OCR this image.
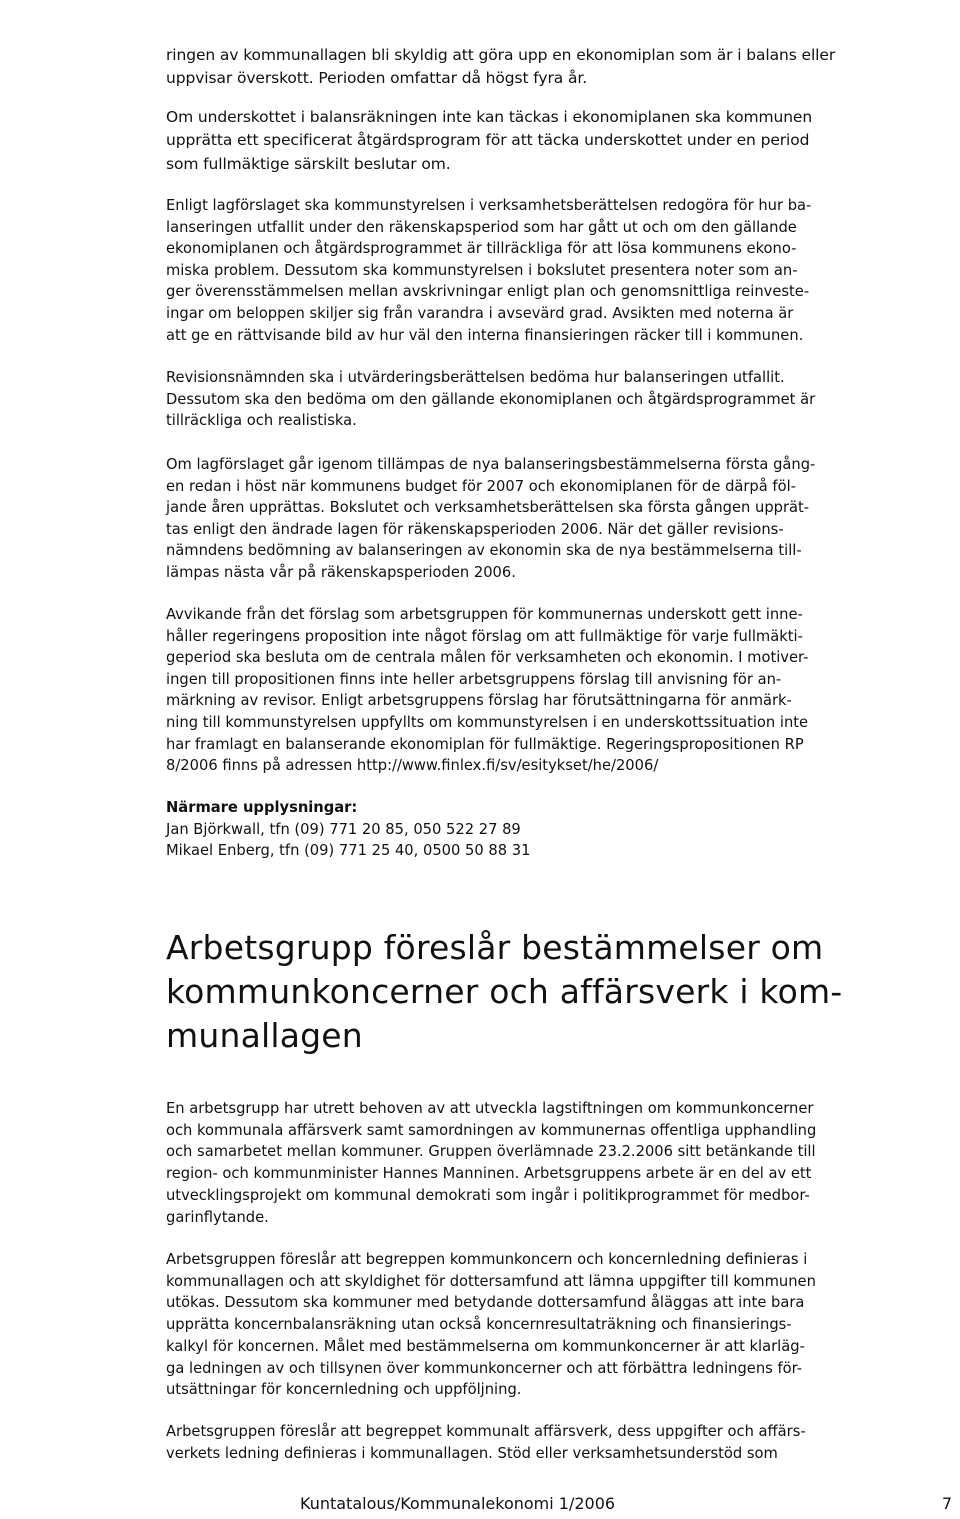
ringen av kommunallagen bli skyldig att göra upp en ekonomiplan som är i balans eller
uppvisar överskott. Perioden omfattar då högst fyra år.
Om underskottet i balansräkningen inte kan täckas i ekonomiplanen ska kommunen
upprätta ett specificerat åtgärdsprogram för att täcka underskottet under en period
som fullmäktige särskilt beslutar om.
Enligt lagförslaget ska kommunstyrelsen i verksamhetsberättelsen redogöra för hur ba-
lanseringen utfallit under den räkenskapsperiod som har gått ut och om den gällande
ekonomiplanen och åtgärdsprogrammet är tillräckliga för att lösa kommunens ekono-
miska problem. Dessutom ska kommunstyrelsen i bokslutet presentera noter som an-
ger överensstämmelsen mellan avskrivningar enligt plan och genomsnittliga reinveste-
ingar om beloppen skiljer sig från varandra i avsevärd grad. Avsikten med noterna är
att ge en rättvisande bild av hur väl den interna finansieringen räcker till i kommunen.
Revisionsnämnden ska i utvärderingsberättelsen bedöma hur balanseringen utfallit.
Dessutom ska den bedöma om den gällande ekonomiplanen och åtgärdsprogrammet är
tillräckliga och realistiska.
Om lagförslaget går igenom tillämpas de nya balanseringsbestämmelserna första gång-
en redan i höst när kommunens budget för 2007 och ekonomiplanen för de därpå föl-
jande åren upprättas. Bokslutet och verksamhetsberättelsen ska första gången upprät-
tas enligt den ändrade lagen för räkenskapsperioden 2006. När det gäller revisions-
nämndens bedömning av balanseringen av ekonomin ska de nya bestämmelserna till-
lämpas nästa vår på räkenskapsperioden 2006.
Avvikande från det förslag som arbetsgruppen för kommunernas underskott gett inne-
håller regeringens proposition inte något förslag om att fullmäktige för varje fullmäkti-
geperiod ska besluta om de centrala målen för verksamheten och ekonomin. I motiver-
ingen till propositionen finns inte heller arbetsgruppens förslag till anvisning för an-
märkning av revisor. Enligt arbetsgruppens förslag har förutsättningarna för anmärk-
ning till kommunstyrelsen uppfyllts om kommunstyrelsen i en underskottssituation inte
har framlagt en balanserande ekonomiplan för fullmäktige. Regeringspropositionen RP
8/2006 finns på adressen http://www.finlex.fi/sv/esitykset/he/2006/
Närmare upplysningar:
Jan Björkwall, tfn (09) 771 20 85, 050 522 27 89
Mikael Enberg, tfn (09) 771 25 40, 0500 50 88 31
Arbetsgrupp föreslår bestämmelser om
kommunkoncerner och affärsverk i kom-
munallagen
En arbetsgrupp har utrett behoven av att utveckla lagstiftningen om kommunkoncerner
och kommunala affärsverk samt samordningen av kommunernas offentliga upphandling
och samarbetet mellan kommuner. Gruppen överlämnade 23.2.2006 sitt betänkande till
region- och kommunminister Hannes Manninen. Arbetsgruppens arbete är en del av ett
utvecklingsprojekt om kommunal demokrati som ingår i politikprogrammet för medbor-
garinflytande.
Arbetsgruppen föreslår att begreppen kommunkoncern och koncernledning definieras i
kommunallagen och att skyldighet för dottersamfund att lämna uppgifter till kommunen
utökas. Dessutom ska kommuner med betydande dottersamfund åläggas att inte bara
upprätta koncernbalansräkning utan också koncernresultaträkning och finansierings-
kalkyl för koncernen. Målet med bestämmelserna om kommunkoncerner är att klarläg-
ga ledningen av och tillsynen över kommunkoncerner och att förbättra ledningens för-
utsättningar för koncernledning och uppföljning.
Arbetsgruppen föreslår att begreppet kommunalt affärsverk, dess uppgifter och affärs-
verkets ledning definieras i kommunallagen. Stöd eller verksamhetsunderstöd som
Kuntatalous/Kommunalekonomi 1/2006	7
